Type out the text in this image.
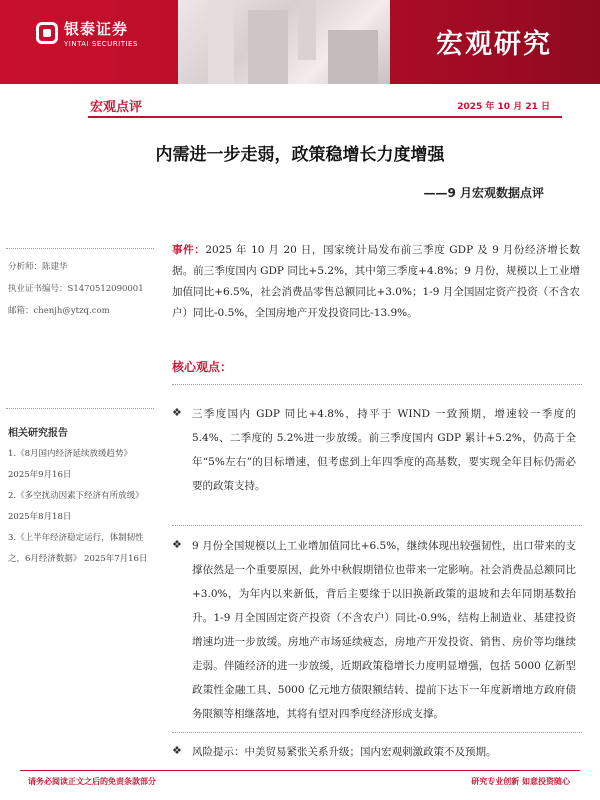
银泰证券
YINTAI SECURITIES	宏观研究
宏观点评	2025 年 10 月 21 日
内需进一步走弱，政策稳增长力度增强
——9 月宏观数据点评
分析师：陈建华
执业证书编号：S1470512090001
邮箱：chenjh@ytzq.com
相关研究报告
1.《8月国内经济延续放缓趋势》 2025年9月16日
2.《多空扰动因素下经济有所放缓》 2025年8月18日
3.《上半年经济稳定运行，体制韧性之，6月经济数据》 2025年7月16日
事件：2025 年 10 月 20 日，国家统计局发布前三季度 GDP 及 9 月份经济增长数据。前三季度国内 GDP 同比+5.2%，其中第三季度+4.8%；9 月份，规模以上工业增加值同比+6.5%，社会消费品零售总额同比+3.0%；1-9 月全国固定资产投资（不含农户）同比-0.5%，全国房地产开发投资同比-13.9%。
核心观点：
❖ 三季度国内 GDP 同比+4.8%，持平于 WIND 一致预期，增速较一季度的 5.4%、二季度的 5.2%进一步放缓。前三季度国内 GDP 累计+5.2%，仍高于全年“5%左右”的目标增速，但考虑到上年四季度的高基数，要实现全年目标仍需必要的政策支持。
❖ 9 月份全国规模以上工业增加值同比+6.5%，继续体现出较强韧性，出口带来的支撑依然是一个重要原因，此外中秋假期错位也带来一定影响。社会消费品总额同比+3.0%，为年内以来新低，背后主要缘于以旧换新政策的退坡和去年同期基数抬升。1-9 月全国固定资产投资（不含农户）同比-0.9%，结构上制造业、基建投资增速均进一步放缓。房地产市场延续疲态，房地产开发投资、销售、房价等均继续走弱。伴随经济的进一步放缓，近期政策稳增长力度明显增强，包括 5000 亿新型政策性金融工具、5000 亿元地方债限额结转、提前下达下一年度新增地方政府债务限额等相继落地，其将有望对四季度经济形成支撑。
❖ 风险提示：中美贸易紧张关系升级；国内宏观刺激政策不及预期。
请务必阅读正文之后的免责条款部分	研究专业创新 如意投资随心
